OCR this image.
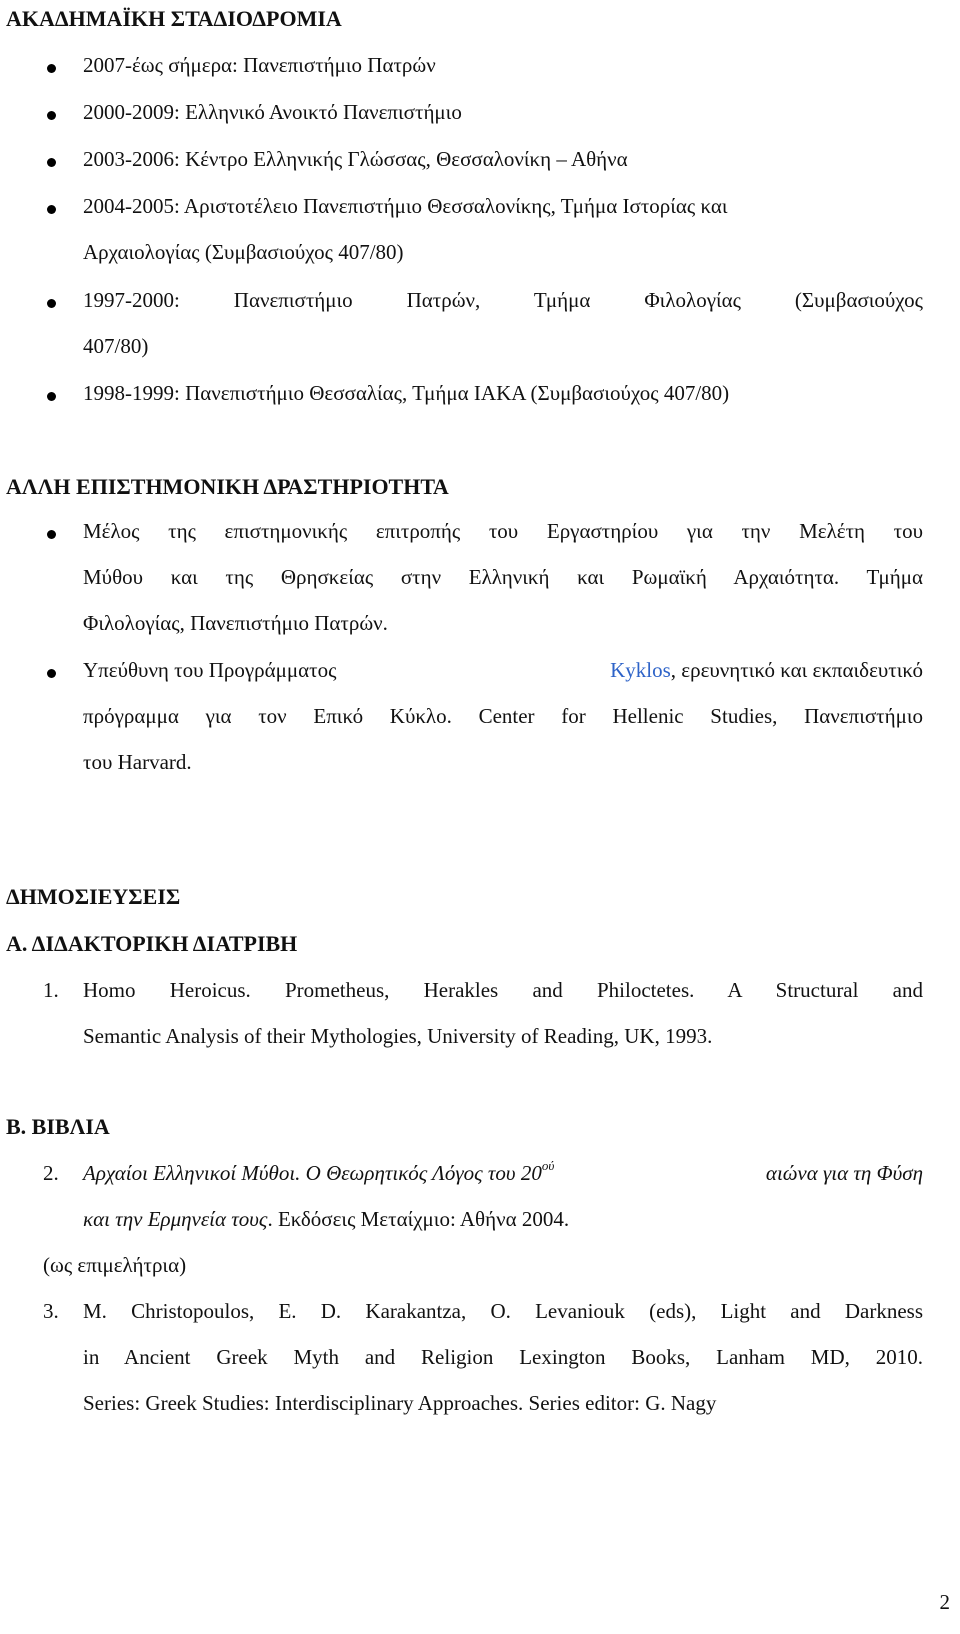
ΑΚΑΔΗΜΑΪΚΗ ΣΤΑΔΙΟΔΡΟΜΙΑ
2007-έως σήμερα: Πανεπιστήμιο Πατρών
2000-2009: Ελληνικό Ανοικτό Πανεπιστήμιο
2003-2006: Κέντρο Ελληνικής Γλώσσας, Θεσσαλονίκη – Αθήνα
2004-2005: Αριστοτέλειο Πανεπιστήμιο Θεσσαλονίκης, Τμήμα Ιστορίας και
Αρχαιολογίας (Συμβασιούχος 407/80)
1997-2000: Πανεπιστήμιο Πατρών, Τμήμα Φιλολογίας (Συμβασιούχος
407/80)
1998-1999: Πανεπιστήμιο Θεσσαλίας, Τμήμα ΙΑΚΑ (Συμβασιούχος 407/80)
ΑΛΛΗ ΕΠΙΣΤΗΜΟΝΙΚΗ ΔΡΑΣΤΗΡΙΟΤΗΤΑ
Μέλος της επιστημονικής επιτροπής του Εργαστηρίου για την Μελέτη του
Μύθου και της Θρησκείας στην Ελληνική και Ρωμαϊκή Αρχαιότητα. Τμήμα
Φιλολογίας, Πανεπιστήμιο Πατρών.
Υπεύθυνη του Προγράμματος	Kyklos, ερευνητικό και εκπαιδευτικό
πρόγραμμα για τον Επικό Κύκλο. Center for Hellenic Studies, Πανεπιστήμιο
του Harvard.
ΔΗΜΟΣΙΕΥΣΕΙΣ
Α. ΔΙΔΑΚΤΟΡΙΚΗ ΔΙΑΤΡΙΒΗ
1. Homo Heroicus. Prometheus, Herakles and Philoctetes. A Structural and
Semantic Analysis of their Mythologies, University of Reading, UK, 1993.
Β. ΒΙΒΛΙΑ
2. Αρχαίοι Ελληνικοί Μύθοι. Ο Θεωρητικός Λόγος του $20^{oύ}$	αιώνα για τη Φύση
και την Ερμηνεία τους. Εκδόσεις Μεταίχμιο: Αθήνα 2004.
(ως επιμελήτρια)
3. M. Christopoulos, E. D. Karakantza, O. Levaniouk (eds), Light and Darkness
in Ancient Greek Myth and Religion Lexington Books, Lanham MD, 2010.
Series: Greek Studies: Interdisciplinary Approaches. Series editor: G. Nagy
2
